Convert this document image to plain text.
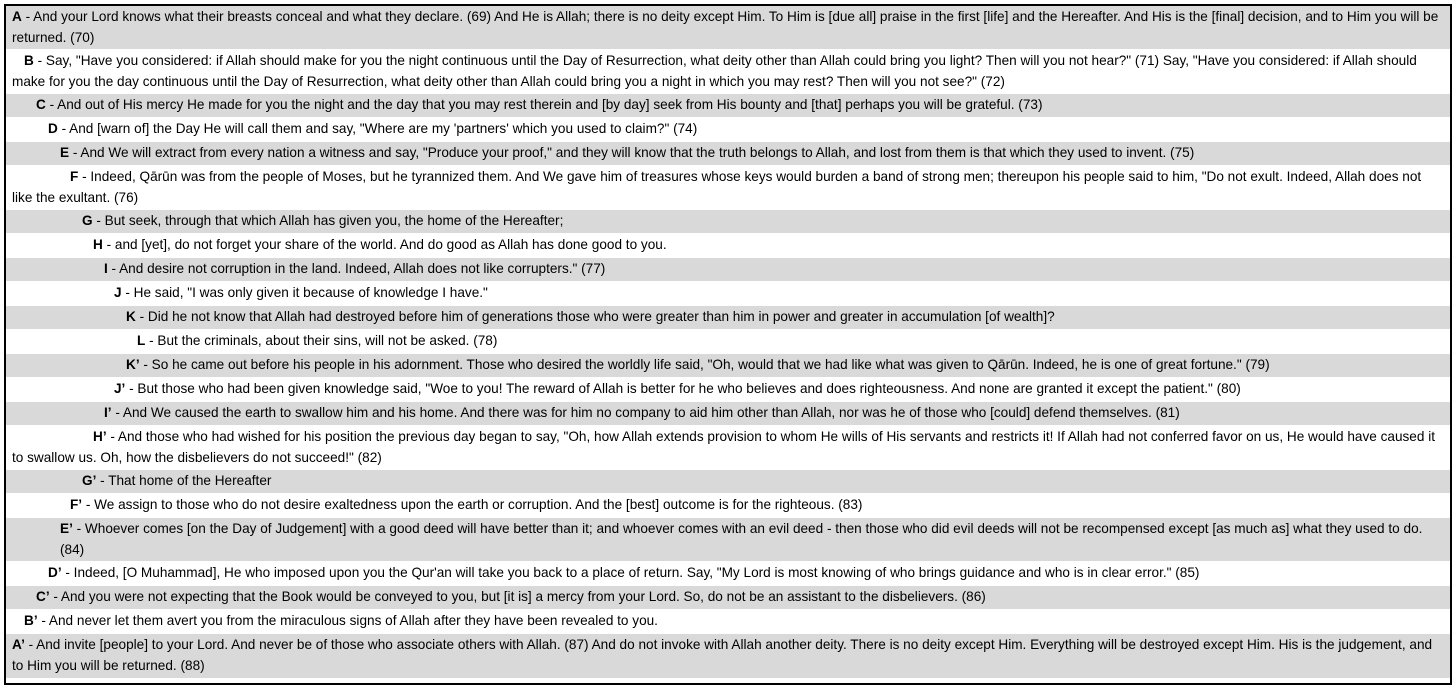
A - And your Lord knows what their breasts conceal and what they declare. (69) And He is Allah; there is no deity except Him. To Him is [due all] praise in the first [life] and the Hereafter. And His is the [final] decision, and to Him you will be returned. (70)
B - Say, "Have you considered: if Allah should make for you the night continuous until the Day of Resurrection, what deity other than Allah could bring you light? Then will you not hear?" (71) Say, "Have you considered: if Allah should make for you the day continuous until the Day of Resurrection, what deity other than Allah could bring you a night in which you may rest? Then will you not see?" (72)
C - And out of His mercy He made for you the night and the day that you may rest therein and [by day] seek from His bounty and [that] perhaps you will be grateful. (73)
D - And [warn of] the Day He will call them and say, "Where are my 'partners' which you used to claim?" (74)
E - And We will extract from every nation a witness and say, "Produce your proof," and they will know that the truth belongs to Allah, and lost from them is that which they used to invent. (75)
F - Indeed, Qārūn was from the people of Moses, but he tyrannized them. And We gave him of treasures whose keys would burden a band of strong men; thereupon his people said to him, "Do not exult. Indeed, Allah does not like the exultant. (76)
G - But seek, through that which Allah has given you, the home of the Hereafter;
H - and [yet], do not forget your share of the world. And do good as Allah has done good to you.
I - And desire not corruption in the land. Indeed, Allah does not like corrupters." (77)
J - He said, "I was only given it because of knowledge I have."
K - Did he not know that Allah had destroyed before him of generations those who were greater than him in power and greater in accumulation [of wealth]?
L - But the criminals, about their sins, will not be asked. (78)
K’ - So he came out before his people in his adornment. Those who desired the worldly life said, "Oh, would that we had like what was given to Qārūn. Indeed, he is one of great fortune." (79)
J’ - But those who had been given knowledge said, "Woe to you! The reward of Allah is better for he who believes and does righteousness. And none are granted it except the patient." (80)
I’ - And We caused the earth to swallow him and his home. And there was for him no company to aid him other than Allah, nor was he of those who [could] defend themselves. (81)
H’ - And those who had wished for his position the previous day began to say, "Oh, how Allah extends provision to whom He wills of His servants and restricts it! If Allah had not conferred favor on us, He would have caused it to swallow us. Oh, how the disbelievers do not succeed!" (82)
G’ - That home of the Hereafter
F’ - We assign to those who do not desire exaltedness upon the earth or corruption. And the [best] outcome is for the righteous. (83)
E’ - Whoever comes [on the Day of Judgement] with a good deed will have better than it; and whoever comes with an evil deed - then those who did evil deeds will not be recompensed except [as much as] what they used to do. (84)
D’ - Indeed, [O Muhammad], He who imposed upon you the Qur'an will take you back to a place of return. Say, "My Lord is most knowing of who brings guidance and who is in clear error." (85)
C’ - And you were not expecting that the Book would be conveyed to you, but [it is] a mercy from your Lord. So, do not be an assistant to the disbelievers. (86)
B’ - And never let them avert you from the miraculous signs of Allah after they have been revealed to you.
A’ - And invite [people] to your Lord. And never be of those who associate others with Allah. (87) And do not invoke with Allah another deity. There is no deity except Him. Everything will be destroyed except Him. His is the judgement, and to Him you will be returned. (88)
